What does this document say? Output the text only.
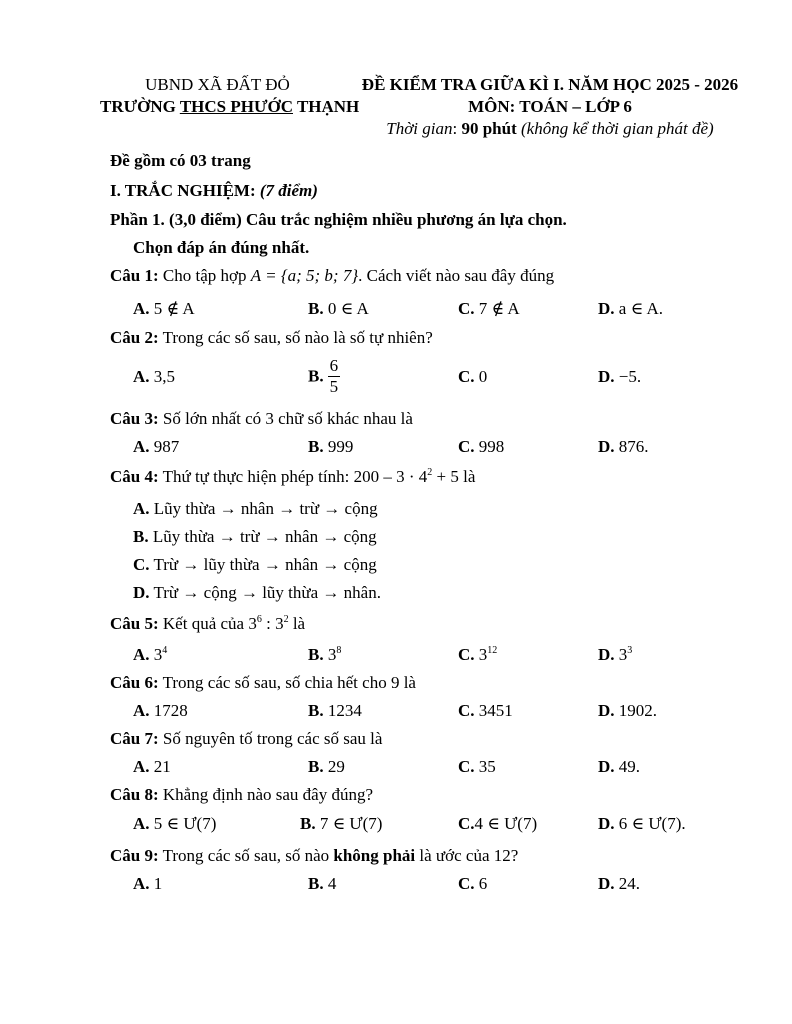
UBND XÃ ĐẤT ĐỎ
TRƯỜNG THCS PHƯỚC THẠNH
ĐỀ KIỂM TRA GIỮA KÌ I. NĂM HỌC 2025 - 2026
MÔN: TOÁN – LỚP 6
Thời gian: 90 phút (không kể thời gian phát đề)
Đề gồm có 03 trang
I. TRẮC NGHIỆM: (7 điểm)
Phần 1. (3,0 điểm) Câu trắc nghiệm nhiều phương án lựa chọn.
Chọn đáp án đúng nhất.
Câu 1: Cho tập hợp A = {a; 5; b; 7}. Cách viết nào sau đây đúng
A. 5 ∉ A	B. 0 ∈ A	C. 7 ∉ A	D. a ∈ A.
Câu 2: Trong các số sau, số nào là số tự nhiên?
A. 3,5	B. $\frac{6}{5}$	C. 0	D. −5.
Câu 3: Số lớn nhất có 3 chữ số khác nhau là
A. 987	B. 999	C. 998	D. 876.
Câu 4: Thứ tự thực hiện phép tính: $200 - 3 \cdot 4^2 + 5$ là
A. Lũy thừa → nhân → trừ → cộng
B. Lũy thừa → trừ → nhân → cộng
C. Trừ → lũy thừa → nhân → cộng
D. Trừ → cộng → lũy thừa → nhân.
Câu 5: Kết quả của $3^6$ : $3^2$ là
A. $3^4$	B. $3^8$	C. $3^{12}$	D. $3^3$
Câu 6: Trong các số sau, số chia hết cho 9 là
A. 1728	B. 1234	C. 3451	D. 1902.
Câu 7: Số nguyên tố trong các số sau là
A. 21	B. 29	C. 35	D. 49.
Câu 8: Khẳng định nào sau đây đúng?
A. 5 ∈ Ư(7)	B. 7 ∈ Ư(7)	C.4 ∈ Ư(7)	D. 6 ∈ Ư(7).
Câu 9: Trong các số sau, số nào không phải là ước của 12?
A. 1	B. 4	C. 6	D. 24.
